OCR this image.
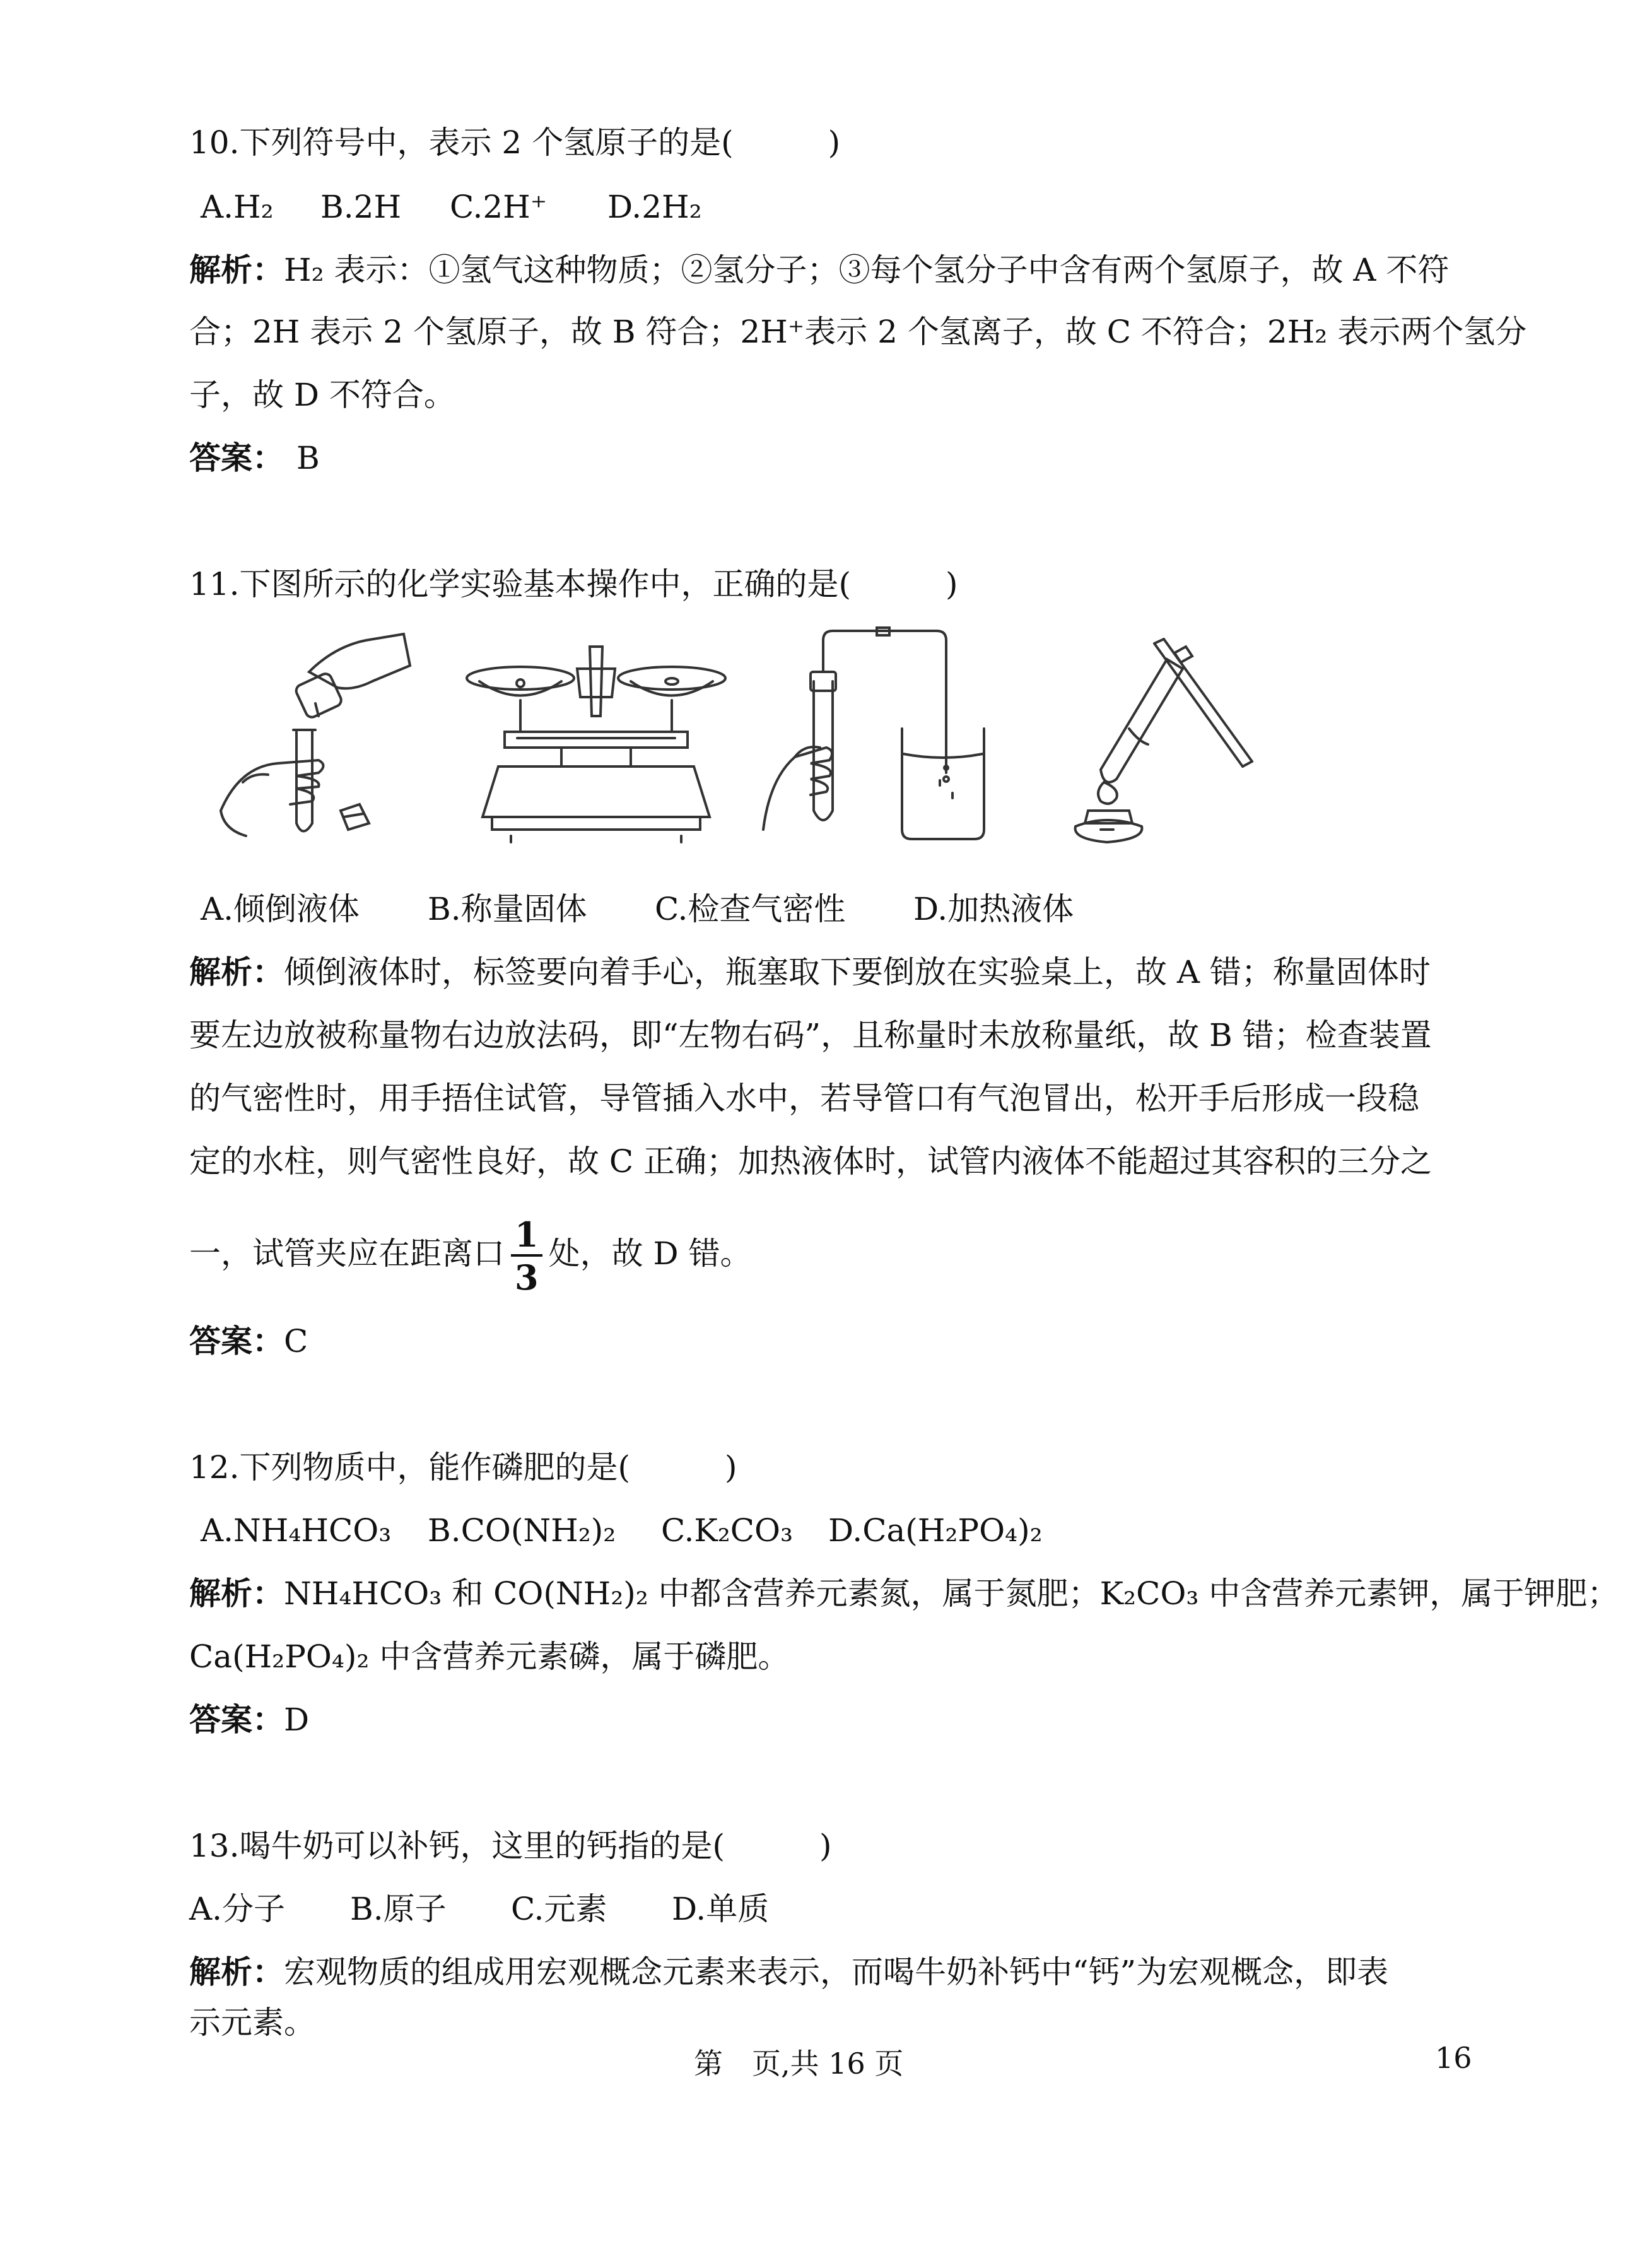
10.下列符号中，表示 2 个氢原子的是(　　　)
A.H₂ B.2H C.2H⁺ D.2H₂
解析：H₂ 表示：①氢气这种物质；②氢分子；③每个氢分子中含有两个氢原子，故 A 不符
合；2H 表示 2 个氢原子，故 B 符合；2H⁺表示 2 个氢离子，故 C 不符合；2H₂ 表示两个氢分
子，故 D 不符合。
答案： B
11.下图所示的化学实验基本操作中，正确的是(　　　)
A.倾倒液体 B.称量固体 C.检查气密性 D.加热液体
解析：倾倒液体时，标签要向着手心，瓶塞取下要倒放在实验桌上，故 A 错；称量固体时
要左边放被称量物右边放法码，即“左物右码”，且称量时未放称量纸，故 B 错；检查装置
的气密性时，用手捂住试管，导管插入水中，若导管口有气泡冒出，松开手后形成一段稳
定的水柱，则气密性良好，故 C 正确；加热液体时，试管内液体不能超过其容积的三分之
一，试管夹应在距离口 $\frac{1}{3}$ 处，故 D 错。
答案：C
12.下列物质中，能作磷肥的是(　　　)
A.NH₄HCO₃ B.CO(NH₂)₂ C.K₂CO₃ D.Ca(H₂PO₄)₂
解析：NH₄HCO₃ 和 CO(NH₂)₂ 中都含营养元素氮，属于氮肥；K₂CO₃ 中含营养元素钾，属于钾肥；
Ca(H₂PO₄)₂ 中含营养元素磷，属于磷肥。
答案：D
13.喝牛奶可以补钙，这里的钙指的是(　　　)
A.分子 B.原子 C.元素 D.单质
解析：宏观物质的组成用宏观概念元素来表示，而喝牛奶补钙中“钙”为宏观概念，即表
示元素。
第　页,共 16 页	16
